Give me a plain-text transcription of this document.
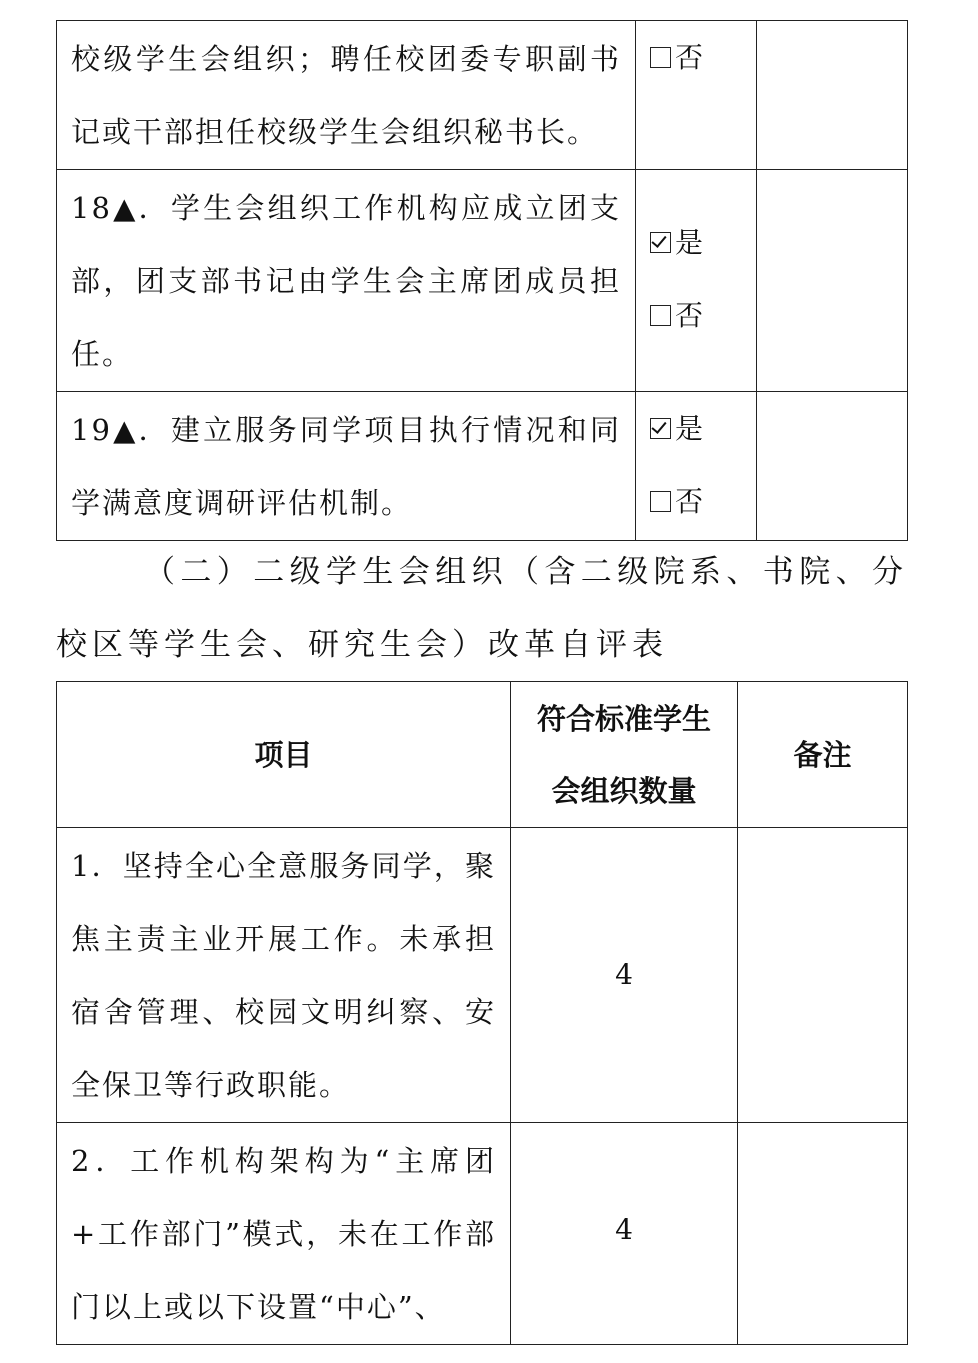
校级学生会组织；聘任校团委专职副书记或干部担任校级学生会组织秘书长。	否	

18▲．学生会组织工作机构应成立团支部，团支部书记由学生会主席团成员担任。	是
否	

19▲．建立服务同学项目执行情况和同学满意度调研评估机制。	是
否	

（二）二级学生会组织（含二级院系、书院、分校区等学生会、研究生会）改革自评表

项目	符合标准学生会组织数量	备注

1．坚持全心全意服务同学，聚焦主责主业开展工作。未承担宿舍管理、校园文明纠察、安全保卫等行政职能。	4	

2．工作机构架构为“主席团+工作部门”模式，未在工作部门以上或以下设置“中心”、	4	
